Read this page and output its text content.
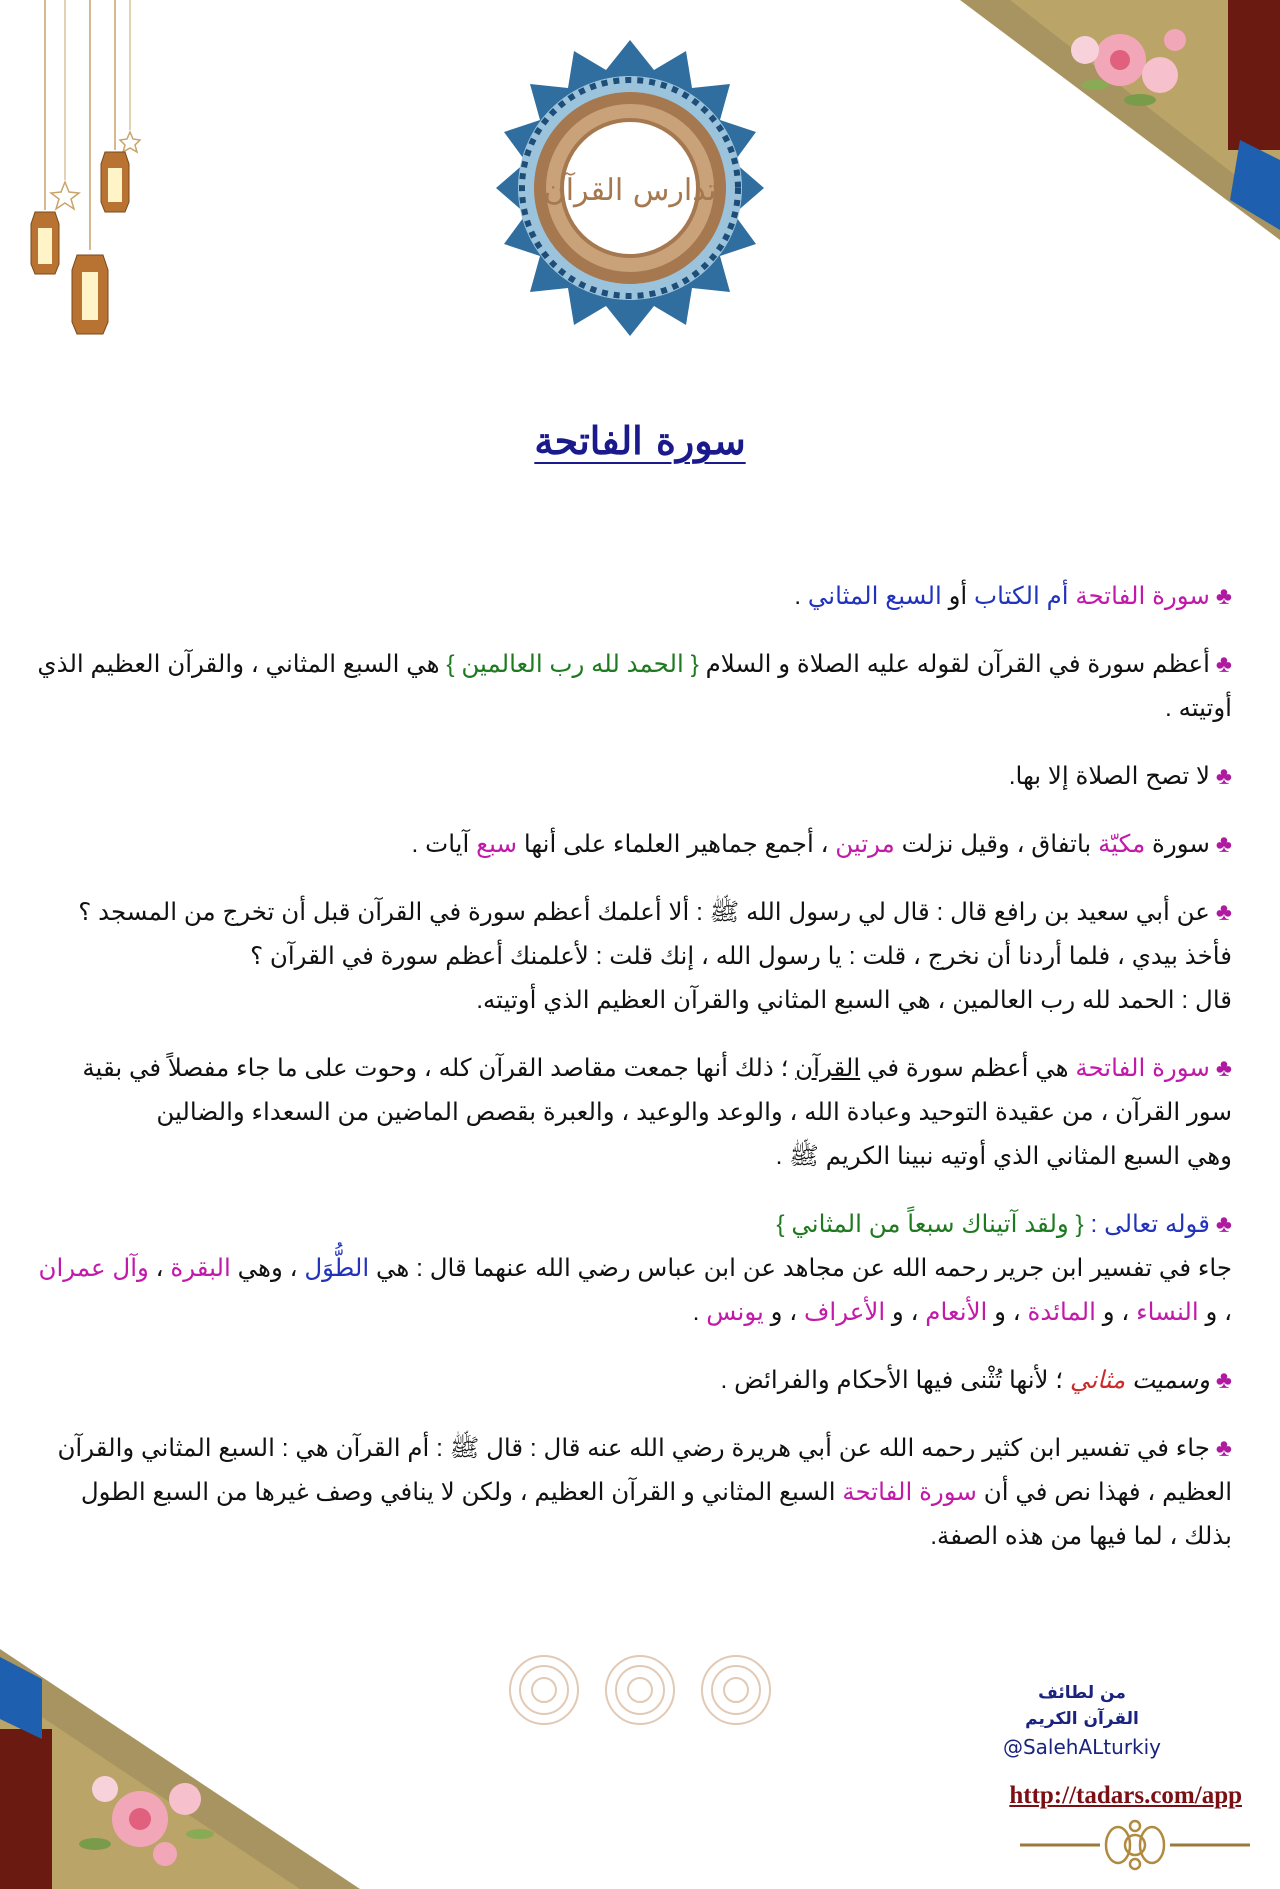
تدارس القرآن
سورة الفاتحة

♣سورة الفاتحة أم الكتاب أو السبع المثاني .

♣أعظم سورة في القرآن لقوله عليه الصلاة و السلام { الحمد لله رب العالمين } هي السبع المثاني ، والقرآن العظيم الذي أوتيته .

♣لا تصح الصلاة إلا بها.

♣سورة مكيّة باتفاق ، وقيل نزلت مرتين ، أجمع جماهير العلماء على أنها سبع آيات .

♣عن أبي سعيد بن رافع قال : قال لي رسول الله ﷺ : ألا أعلمك أعظم سورة في القرآن قبل أن تخرج من المسجد ؟
فأخذ بيدي ، فلما أردنا أن نخرج ، قلت : يا رسول الله ، إنك قلت : لأعلمنك أعظم سورة في القرآن ؟
قال : الحمد لله رب العالمين ، هي السبع المثاني والقرآن العظيم الذي أوتيته.

♣سورة الفاتحة هي أعظم سورة في القرآن ؛ ذلك أنها جمعت مقاصد القرآن كله ، وحوت على ما جاء مفصلاً في بقية سور القرآن ، من عقيدة التوحيد وعبادة الله ، والوعد والوعيد ، والعبرة بقصص الماضين من السعداء والضالين
وهي السبع المثاني الذي أوتيه نبينا الكريم ﷺ .

♣قوله تعالى : { ولقد آتيناك سبعاً من المثاني }
جاء في تفسير ابن جرير رحمه الله عن مجاهد عن ابن عباس رضي الله عنهما قال : هي الطُّوَل ، وهي البقرة ، وآل عمران ، و النساء ، و المائدة ، و الأنعام ، و الأعراف ، و يونس .

♣وسميت مثاني ؛ لأنها تُثْنى فيها الأحكام والفرائض .

♣جاء في تفسير ابن كثير رحمه الله عن أبي هريرة رضي الله عنه قال : قال ﷺ : أم القرآن هي : السبع المثاني والقرآن العظيم ، فهذا نص في أن سورة الفاتحة السبع المثاني و القرآن العظيم ، ولكن لا ينافي وصف غيرها من السبع الطول بذلك ، لما فيها من هذه الصفة.

من لطائف
القرآن الكريم
@SalehALturkiy
http://tadars.com/app
